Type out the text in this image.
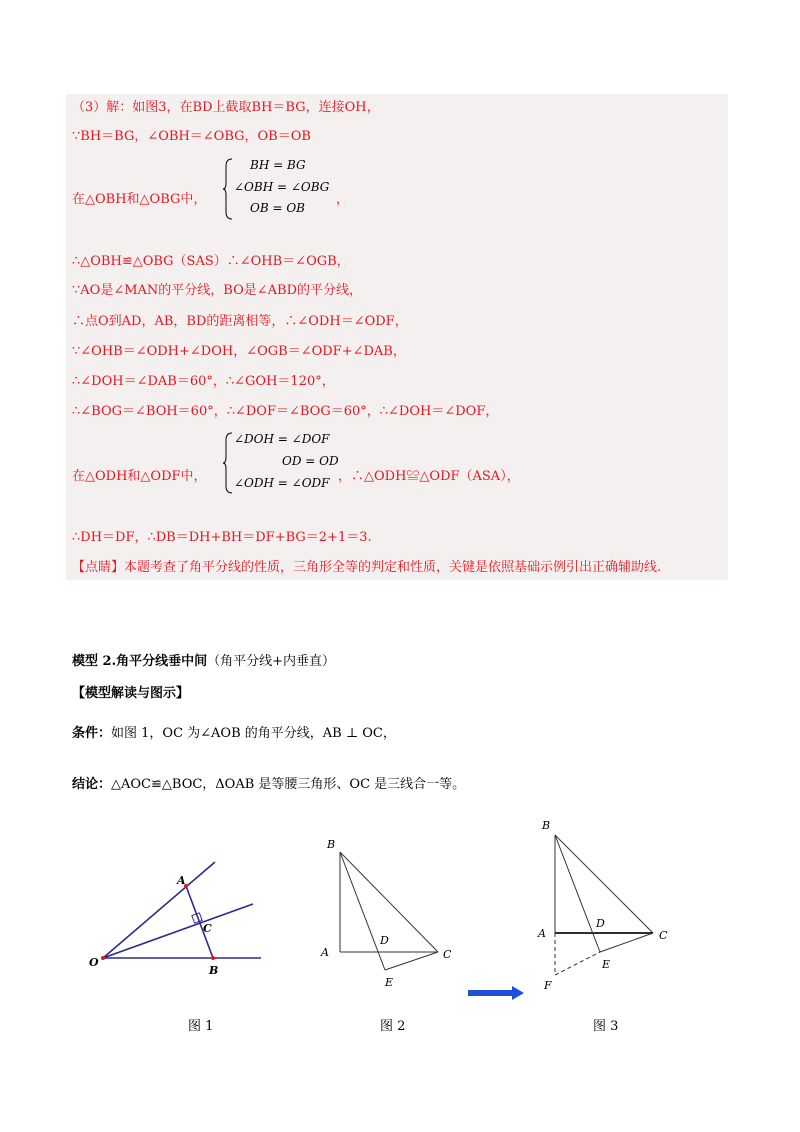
（3）解：如图3，在BD上截取BH＝BG，连接OH，
∵BH＝BG，∠OBH＝∠OBG，OB＝OB
在△OBH和△OBG中，
BH = BG
∠OBH = ∠OBG
OB = OB
，
∴△OBH≌△OBG（SAS）∴∠OHB＝∠OGB，
∵AO是∠MAN的平分线，BO是∠ABD的平分线，
∴点O到AD，AB，BD的距离相等，∴∠ODH＝∠ODF，
∵∠OHB＝∠ODH+∠DOH，∠OGB＝∠ODF+∠DAB，
∴∠DOH＝∠DAB＝60°，∴∠GOH＝120°，
∴∠BOG＝∠BOH＝60°，∴∠DOF＝∠BOG＝60°，∴∠DOH＝∠DOF，
在△ODH和△ODF中，
∠DOH = ∠DOF
OD = OD
∠ODH = ∠ODF ，∴△ODH≌△ODF（ASA），
∴DH＝DF，∴DB＝DH+BH＝DF+BG＝2+1＝3.
【点睛】本题考查了角平分线的性质，三角形全等的判定和性质，关键是依照基础示例引出正确辅助线.
模型 2.角平分线垂中间（角平分线+内垂直）
【模型解读与图示】
条件：如图 1，OC 为∠AOB 的角平分线，AB ⊥ OC，
结论：△AOC≌△BOC，ΔOAB 是等腰三角形、OC 是三线合一等。
A
C
O
B
B
A
D
C
E
B
A
D
C
E
F
图 1	图 2	图 3
